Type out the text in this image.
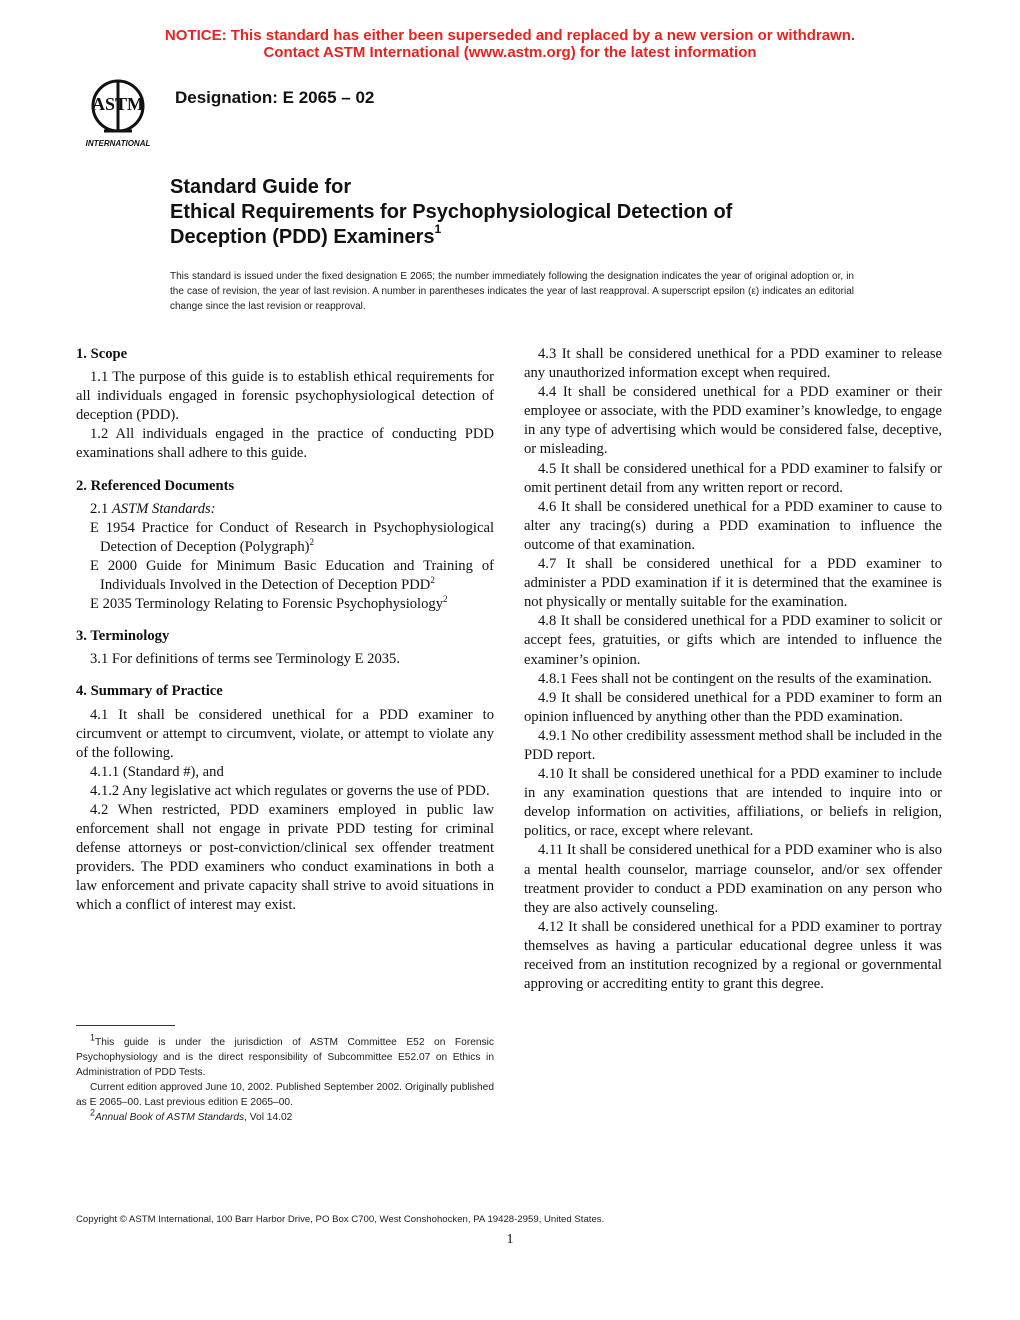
NOTICE: This standard has either been superseded and replaced by a new version or withdrawn.
Contact ASTM International (www.astm.org) for the latest information
ASTM
INTERNATIONAL
Designation: E 2065 – 02
Standard Guide for
Ethical Requirements for Psychophysiological Detection of
Deception (PDD) Examiners$^1$
This standard is issued under the fixed designation E 2065; the number immediately following the designation indicates the year of original adoption or, in the case of revision, the year of last revision. A number in parentheses indicates the year of last reapproval. A superscript epsilon (ε) indicates an editorial change since the last revision or reapproval.
1. Scope

1.1 The purpose of this guide is to establish ethical requirements for all individuals engaged in forensic psychophysiological detection of deception (PDD).

1.2 All individuals engaged in the practice of conducting PDD examinations shall adhere to this guide.

2. Referenced Documents

2.1 ASTM Standards:

E 1954 Practice for Conduct of Research in Psychophysiological Detection of Deception (Polygraph)$^2$

E 2000 Guide for Minimum Basic Education and Training of Individuals Involved in the Detection of Deception PDD$^2$

E 2035 Terminology Relating to Forensic Psychophysiology$^2$

3. Terminology

3.1 For definitions of terms see Terminology E 2035.

4. Summary of Practice

4.1 It shall be considered unethical for a PDD examiner to circumvent or attempt to circumvent, violate, or attempt to violate any of the following.

4.1.1 (Standard #), and

4.1.2 Any legislative act which regulates or governs the use of PDD.

4.2 When restricted, PDD examiners employed in public law enforcement shall not engage in private PDD testing for criminal defense attorneys or post-conviction/clinical sex offender treatment providers. The PDD examiners who conduct examinations in both a law enforcement and private capacity shall strive to avoid situations in which a conflict of interest may exist.

4.3 It shall be considered unethical for a PDD examiner to release any unauthorized information except when required.

4.4 It shall be considered unethical for a PDD examiner or their employee or associate, with the PDD examiner’s knowledge, to engage in any type of advertising which would be considered false, deceptive, or misleading.

4.5 It shall be considered unethical for a PDD examiner to falsify or omit pertinent detail from any written report or record.

4.6 It shall be considered unethical for a PDD examiner to cause to alter any tracing(s) during a PDD examination to influence the outcome of that examination.

4.7 It shall be considered unethical for a PDD examiner to administer a PDD examination if it is determined that the examinee is not physically or mentally suitable for the examination.

4.8 It shall be considered unethical for a PDD examiner to solicit or accept fees, gratuities, or gifts which are intended to influence the examiner’s opinion.

4.8.1 Fees shall not be contingent on the results of the examination.

4.9 It shall be considered unethical for a PDD examiner to form an opinion influenced by anything other than the PDD examination.

4.9.1 No other credibility assessment method shall be included in the PDD report.

4.10 It shall be considered unethical for a PDD examiner to include in any examination questions that are intended to inquire into or develop information on activities, affiliations, or beliefs in religion, politics, or race, except where relevant.

4.11 It shall be considered unethical for a PDD examiner who is also a mental health counselor, marriage counselor, and/or sex offender treatment provider to conduct a PDD examination on any person who they are also actively counseling.

4.12 It shall be considered unethical for a PDD examiner to portray themselves as having a particular educational degree unless it was received from an institution recognized by a regional or governmental approving or accrediting entity to grant this degree.

$^1$This guide is under the jurisdiction of ASTM Committee E52 on Forensic Psychophysiology and is the direct responsibility of Subcommittee E52.07 on Ethics in Administration of PDD Tests.

Current edition approved June 10, 2002. Published September 2002. Originally published as E 2065–00. Last previous edition E 2065–00.

$^2$Annual Book of ASTM Standards, Vol 14.02

Copyright © ASTM International, 100 Barr Harbor Drive, PO Box C700, West Conshohocken, PA 19428-2959, United States.
1
